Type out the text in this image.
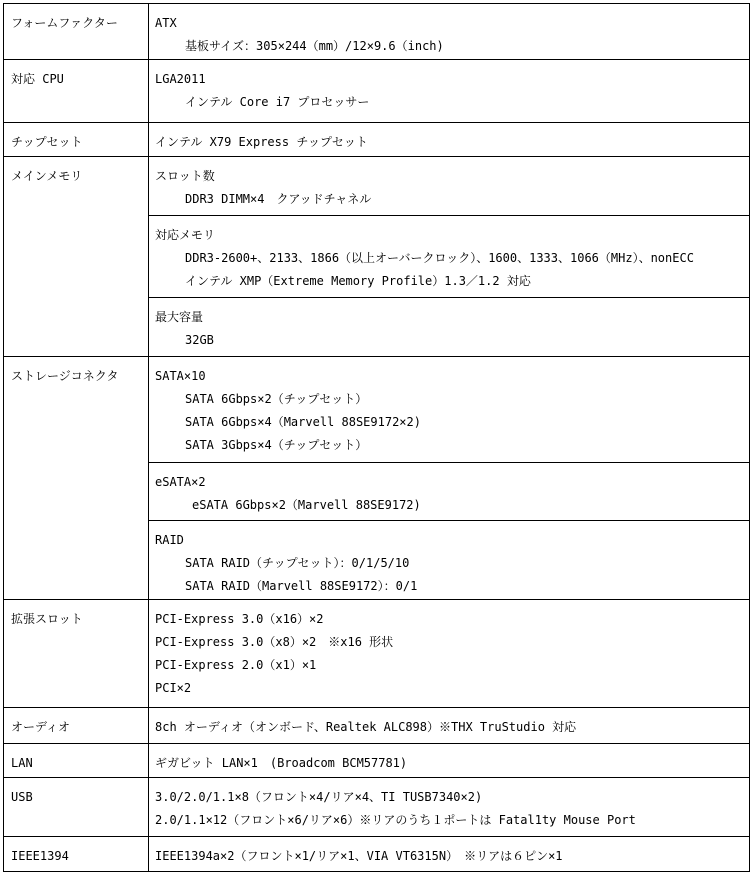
フォームファクター	ATX
基板サイズ：305×244（mm）/12×9.6（inch)

対応 CPU	LGA2011
インテル Core i7 プロセッサー

チップセット	インテル X79 Express チップセット

メインメモリ	スロット数
DDR3 DIMM×4　クアッドチャネル

	対応メモリ
DDR3-2600+、2133、1866（以上オーバークロック）、1600、1333、1066（MHz）、nonECC
インテル XMP（Extreme Memory Profile）1.3／1.2 対応

	最大容量
32GB

ストレージコネクタ	SATA×10
SATA 6Gbps×2（チップセット）
SATA 6Gbps×4（Marvell 88SE9172×2)
SATA 3Gbps×4（チップセット）

	eSATA×2
eSATA 6Gbps×2（Marvell 88SE9172)

	RAID
SATA RAID（チップセット）：0/1/5/10
SATA RAID（Marvell 88SE9172）：0/1

拡張スロット	PCI-Express 3.0（x16）×2
PCI-Express 3.0（x8）×2　※x16 形状
PCI-Express 2.0（x1）×1
PCI×2

オーディオ	8ch オーディオ（オンボード、Realtek ALC898）※THX TruStudio 対応

LAN	ギガビット LAN×1　(Broadcom BCM57781)

USB	3.0/2.0/1.1×8（フロント×4/リア×4、TI TUSB7340×2)
2.0/1.1×12（フロント×6/リア×6）※リアのうち１ポートは Fatal1ty Mouse Port

IEEE1394	IEEE1394a×2（フロント×1/リア×1、VIA VT6315N）　※リアは６ピン×1
